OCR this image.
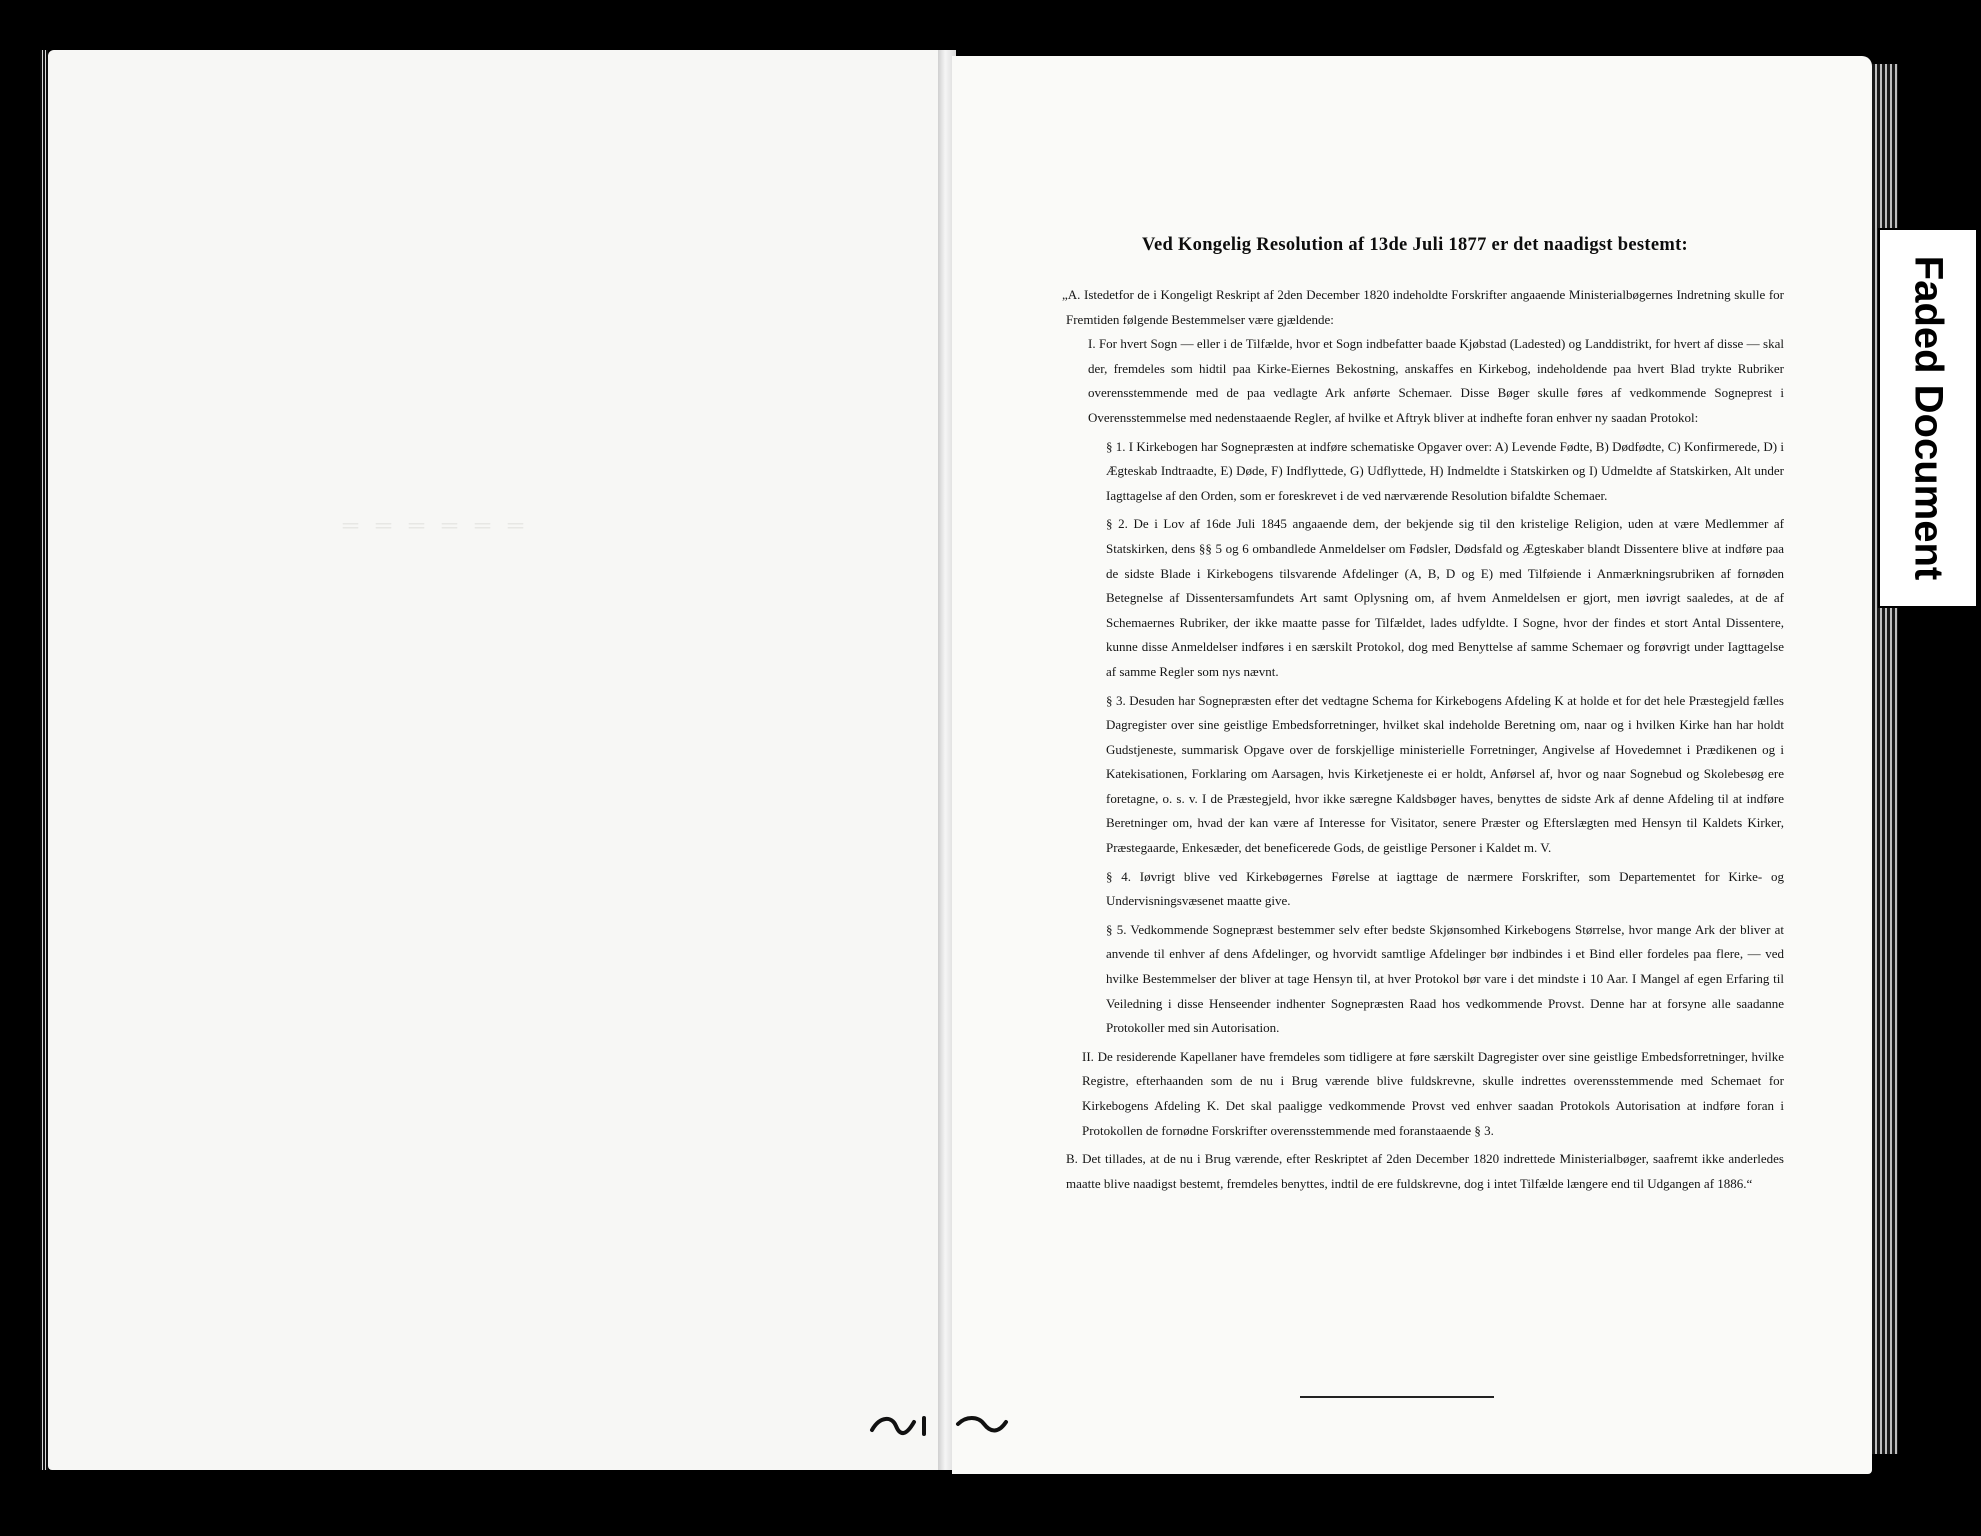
‗‗‗‗‗‗
Ved Kongelig Resolution af 13de Juli 1877 er det naadigst bestemt:

„A. Istedetfor de i Kongeligt Reskript af 2den December 1820 indeholdte Forskrifter angaaende Ministerialbøgernes Indretning skulle for Fremtiden følgende Bestemmelser være gjældende:

I. For hvert Sogn — eller i de Tilfælde, hvor et Sogn indbefatter baade Kjøbstad (Ladested) og Landdistrikt, for hvert af disse — skal der, fremdeles som hidtil paa Kirke-Eiernes Bekostning, anskaffes en Kirkebog, indeholdende paa hvert Blad trykte Rubriker overensstemmende med de paa vedlagte Ark anførte Schemaer. Disse Bøger skulle føres af vedkommende Sogneprest i Overensstemmelse med nedenstaaende Regler, af hvilke et Aftryk bliver at indhefte foran enhver ny saadan Protokol:

§ 1. I Kirkebogen har Sognepræsten at indføre schematiske Opgaver over: A) Levende Fødte, B) Dødfødte, C) Konfirmerede, D) i Ægteskab Indtraadte, E) Døde, F) Indflyttede, G) Udflyttede, H) Indmeldte i Statskirken og I) Udmeldte af Statskirken, Alt under Iagttagelse af den Orden, som er foreskrevet i de ved nærværende Resolution bifaldte Schemaer.

§ 2. De i Lov af 16de Juli 1845 angaaende dem, der bekjende sig til den kristelige Religion, uden at være Medlemmer af Statskirken, dens §§ 5 og 6 ombandlede Anmeldelser om Fødsler, Dødsfald og Ægteskaber blandt Dissentere blive at indføre paa de sidste Blade i Kirkebogens tilsvarende Afdelinger (A, B, D og E) med Tilføiende i Anmærkningsrubriken af fornøden Betegnelse af Dissentersamfundets Art samt Oplysning om, af hvem Anmeldelsen er gjort, men iøvrigt saaledes, at de af Schemaernes Rubriker, der ikke maatte passe for Tilfældet, lades udfyldte. I Sogne, hvor der findes et stort Antal Dissentere, kunne disse Anmeldelser indføres i en særskilt Protokol, dog med Benyttelse af samme Schemaer og forøvrigt under Iagttagelse af samme Regler som nys nævnt.

§ 3. Desuden har Sognepræsten efter det vedtagne Schema for Kirkebogens Afdeling K at holde et for det hele Præstegjeld fælles Dagregister over sine geistlige Embedsforretninger, hvilket skal indeholde Beretning om, naar og i hvilken Kirke han har holdt Gudstjeneste, summarisk Opgave over de forskjellige ministerielle Forretninger, Angivelse af Hovedemnet i Prædikenen og i Katekisationen, Forklaring om Aarsagen, hvis Kirketjeneste ei er holdt, Anførsel af, hvor og naar Sognebud og Skolebesøg ere foretagne, o. s. v. I de Præstegjeld, hvor ikke særegne Kaldsbøger haves, benyttes de sidste Ark af denne Afdeling til at indføre Beretninger om, hvad der kan være af Interesse for Visitator, senere Præster og Efterslægten med Hensyn til Kaldets Kirker, Præstegaarde, Enkesæder, det beneficerede Gods, de geistlige Personer i Kaldet m. V.

§ 4. Iøvrigt blive ved Kirkebøgernes Førelse at iagttage de nærmere Forskrifter, som Departementet for Kirke- og Undervisningsvæsenet maatte give.

§ 5. Vedkommende Sognepræst bestemmer selv efter bedste Skjønsomhed Kirkebogens Størrelse, hvor mange Ark der bliver at anvende til enhver af dens Afdelinger, og hvorvidt samtlige Afdelinger bør indbindes i et Bind eller fordeles paa flere, — ved hvilke Bestemmelser der bliver at tage Hensyn til, at hver Protokol bør vare i det mindste i 10 Aar. I Mangel af egen Erfaring til Veiledning i disse Henseender indhenter Sognepræsten Raad hos vedkommende Provst. Denne har at forsyne alle saadanne Protokoller med sin Autorisation.

II. De residerende Kapellaner have fremdeles som tidligere at føre særskilt Dagregister over sine geistlige Embedsforretninger, hvilke Registre, efterhaanden som de nu i Brug værende blive fuldskrevne, skulle indrettes overensstemmende med Schemaet for Kirkebogens Afdeling K. Det skal paaligge vedkommende Provst ved enhver saadan Protokols Autorisation at indføre foran i Protokollen de fornødne Forskrifter overensstemmende med foranstaaende § 3.

B. Det tillades, at de nu i Brug værende, efter Reskriptet af 2den December 1820 indrettede Ministerialbøger, saafremt ikke anderledes maatte blive naadigst bestemt, fremdeles benyttes, indtil de ere fuldskrevne, dog i intet Tilfælde længere end til Udgangen af 1886.“

Faded Document
